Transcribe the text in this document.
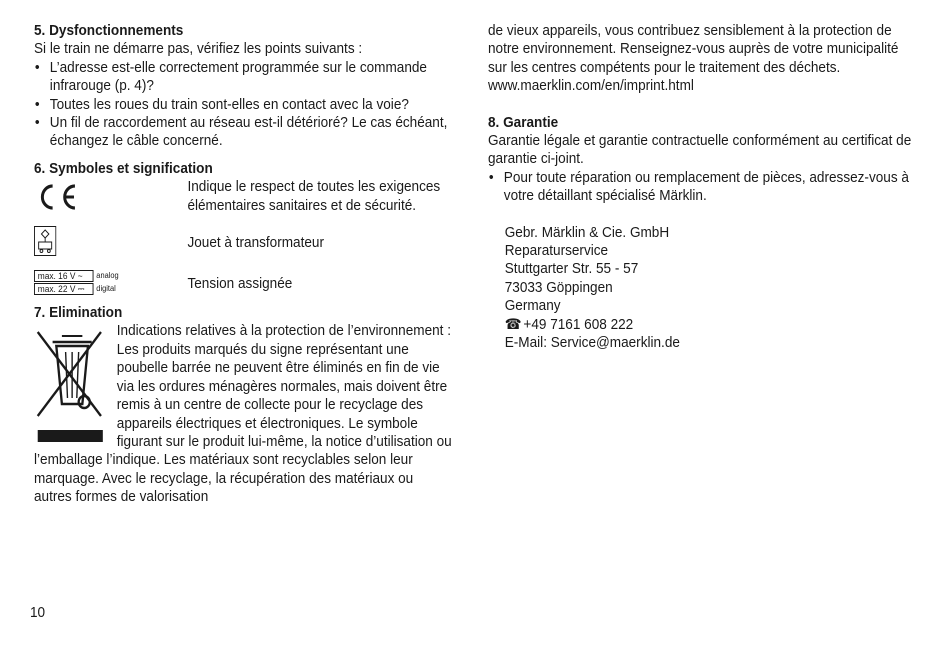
5. Dysfonctionnements

Si le train ne démarre pas, vérifiez les points suivants :

• L’adresse est-elle correctement programmée sur le commande infrarouge (p. 4)?
• Toutes les roues du train sont-elles en contact avec la voie?
• Un fil de raccordement au réseau est-il détérioré? Le cas échéant, échangez le câble concerné.
6. Symboles et signification
Indique le respect de toutes les exigences élémentaires sanitaires et de sécurité.
Jouet à transformateur
max. 16 V ~	analog
max. 22 V ⎓	digital	Tension assignée
7. Elimination

Indications relatives à la protection de l’environnement : Les produits marqués du signe représentant une poubelle barrée ne peuvent être éliminés en fin de vie via les ordures ménagères normales, mais doivent être remis à un centre de collecte pour le recyclage des appareils électriques et électroniques. Le symbole figurant sur le produit lui-même, la notice d’utilisation ou l’emballage l’indique. Les matériaux sont recyclables selon leur marquage. Avec le recyclage, la récupération des matériaux ou autres formes de valorisation

de vieux appareils, vous contribuez sensiblement à la protection de notre environnement. Renseignez-vous auprès de votre municipalité sur les centres compétents pour le traitement des déchets.

www.maerklin.com/en/imprint.html

8. Garantie

Garantie légale et garantie contractuelle conformément au certificat de garantie ci-joint.

• Pour toute réparation ou remplacement de pièces, adressez-vous à votre détaillant spécialisé Märklin.
Gebr. Märklin & Cie. GmbH
Reparaturservice
Stuttgarter Str. 55 - 57
73033 Göppingen
Germany
☎ +49 7161 608 222
E-Mail: Service@maerklin.de
10
